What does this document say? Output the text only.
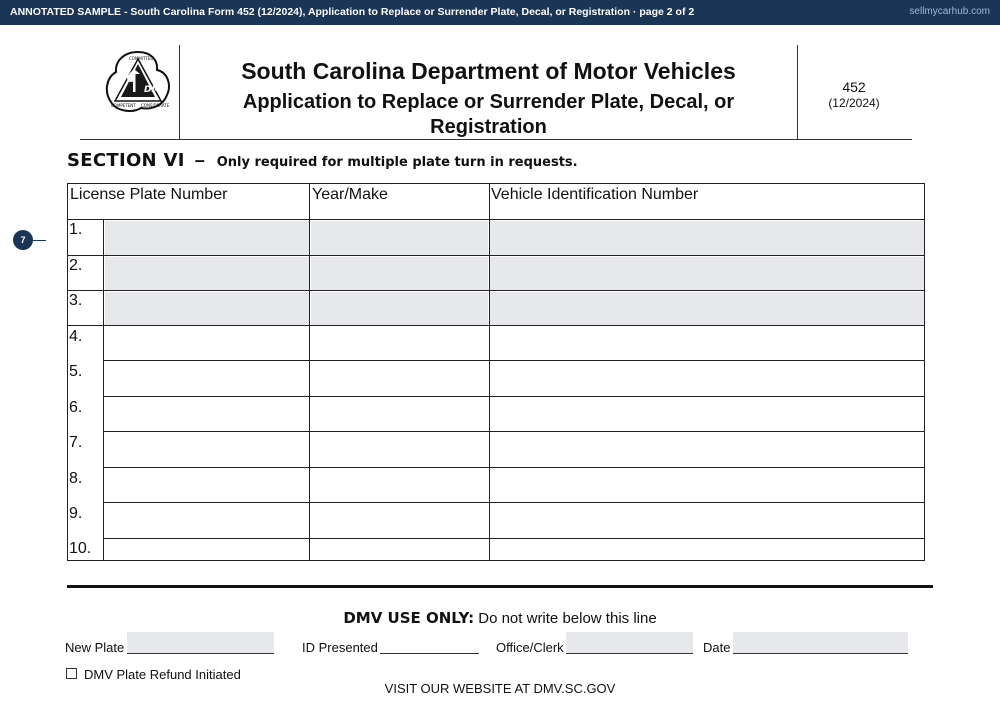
ANNOTATED SAMPLE - South Carolina Form 452 (12/2024), Application to Replace or Surrender Plate, Decal, or Registration · page 2 of 2	sellmycarhub.com
DMV
COMMITTED
COMPETENT CONSIDERATE
South Carolina Department of Motor Vehicles
Application to Replace or Surrender Plate, Decal, or
Registration
452
(12/2024)
SECTION VI – Only required for multiple plate turn in requests.
License Plate Number	Year/Make	Vehicle Identification Number
1.
2.
3.
4.
5.
6.
7.
8.
9.
10.
7
DMV USE ONLY: Do not write below this line
New Plate	ID Presented	Office/Clerk	Date
DMV Plate Refund Initiated
VISIT OUR WEBSITE AT DMV.SC.GOV
